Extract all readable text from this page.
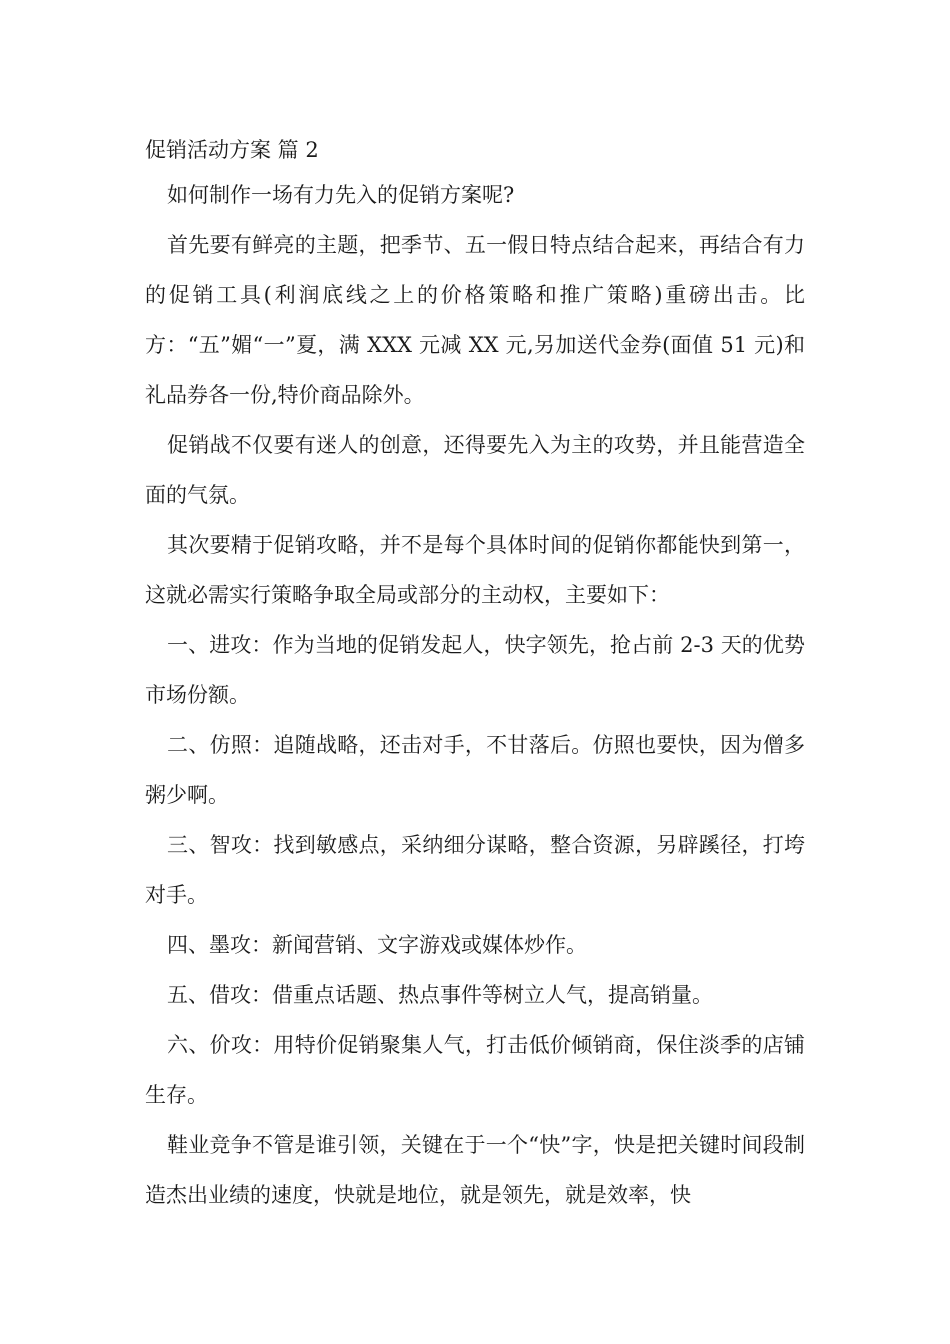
促销活动方案 篇 2

如何制作一场有力先入的促销方案呢?

首先要有鲜亮的主题，把季节、五一假日特点结合起来，再结合有力的促销工具(利润底线之上的价格策略和推广策略)重磅出击。比方：“五”媚“一”夏，满 XXX 元减 XX 元,另加送代金券(面值 51 元)和礼品券各一份,特价商品除外。

促销战不仅要有迷人的创意，还得要先入为主的攻势，并且能营造全面的气氛。

其次要精于促销攻略，并不是每个具体时间的促销你都能快到第一，这就必需实行策略争取全局或部分的主动权，主要如下：

一、进攻：作为当地的促销发起人，快字领先，抢占前 2-3 天的优势市场份额。

二、仿照：追随战略，还击对手，不甘落后。仿照也要快，因为僧多粥少啊。

三、智攻：找到敏感点，采纳细分谋略，整合资源，另辟蹊径，打垮对手。

四、墨攻：新闻营销、文字游戏或媒体炒作。

五、借攻：借重点话题、热点事件等树立人气，提高销量。

六、价攻：用特价促销聚集人气，打击低价倾销商，保住淡季的店铺生存。

鞋业竞争不管是谁引领，关键在于一个“快”字，快是把关键时间段制造杰出业绩的速度，快就是地位，就是领先，就是效率，快
